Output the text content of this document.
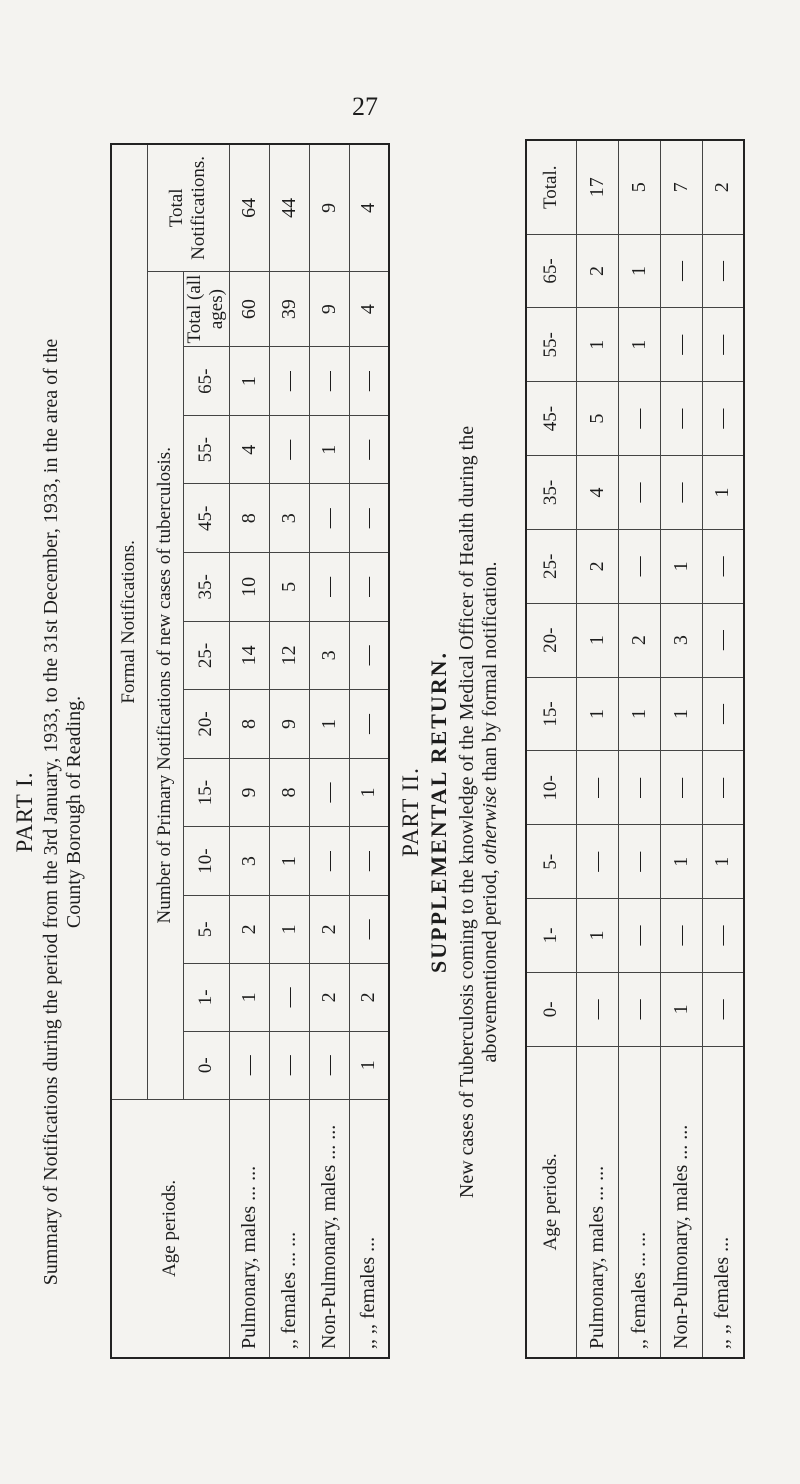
27
PART I. Summary of Notifications during the period from the 3rd January, 1933, to the 31st December, 1933, in the area of the County Borough of Reading.
Age periods.	Formal Notifications.												
	Number of Primary Notifications of new cases of tuberculosis.												Total Notifications.
	0-	1-	5-	10-	15-	20-	25-	35-	45-	55-	65-	Total (all ages)	
Pulmonary, males ... ...	—	1	2	3	9	8	14	10	8	4	1	60	64
,, females ... ...	—	—	1	1	8	9	12	5	3	—	—	39	44
Non-Pulmonary, males ... ...	—	2	2	—	—	1	3	—	—	1	—	9	9
,, ,, females ...	1	2	—	—	1	—	—	—	—	—	—	4	4
PART II. SUPPLEMENTAL RETURN. New cases of Tuberculosis coming to the knowledge of the Medical Officer of Health during the abovementioned period, otherwise than by formal notification.
Age periods.	0-	1-	5-	10-	15-	20-	25-	35-	45-	55-	65-	Total.
Pulmonary, males ... ...	—	1	—	—	1	1	2	4	5	1	2	17
,, females ... ...	—	—	—	—	1	2	—	—	—	1	1	5
Non-Pulmonary, males ... ...	1	—	1	—	1	3	1	—	—	—	—	7
,, ,, females ...	—	—	1	—	—	—	—	1	—	—	—	2
